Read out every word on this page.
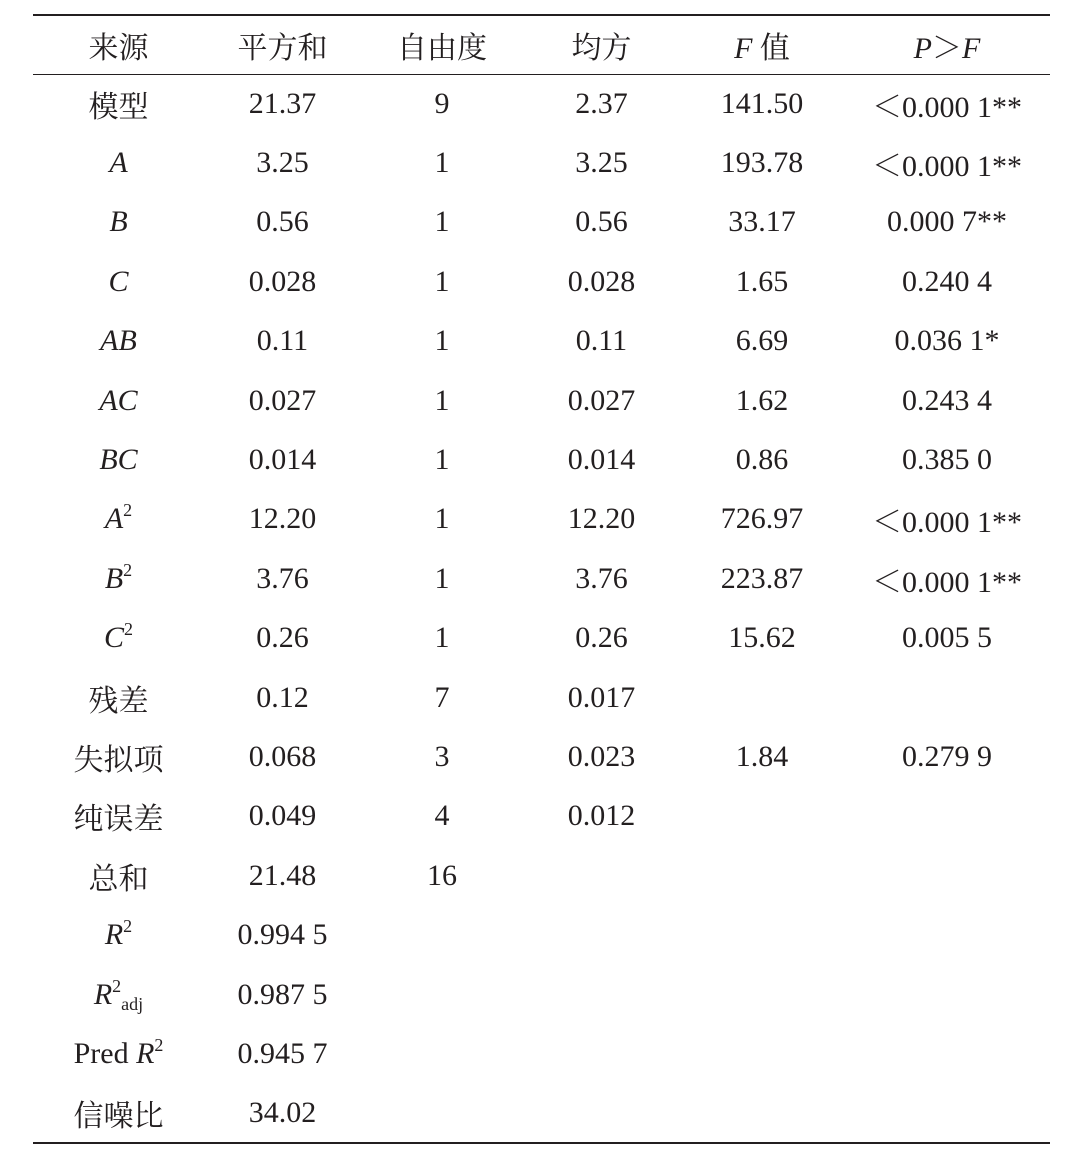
来源	平方和	自由度	均方	F 值	P＞F
模型	21.37	9	2.37	141.50	＜0.000 1**
A	3.25	1	3.25	193.78	＜0.000 1**
B	0.56	1	0.56	33.17	0.000 7**
C	0.028	1	0.028	1.65	0.240 4
AB	0.11	1	0.11	6.69	0.036 1*
AC	0.027	1	0.027	1.62	0.243 4
BC	0.014	1	0.014	0.86	0.385 0
$A^2$	12.20	1	12.20	726.97	＜0.000 1**
$B^2$	3.76	1	3.76	223.87	＜0.000 1**
$C^2$	0.26	1	0.26	15.62	0.005 5
残差	0.12	7	0.017		
失拟项	0.068	3	0.023	1.84	0.279 9
纯误差	0.049	4	0.012		
总和	21.48	16			
$R^2$	0.994 5				
$R^2_{adj}$	0.987 5				
Pred $R^2$	0.945 7				
信噪比	34.02				
